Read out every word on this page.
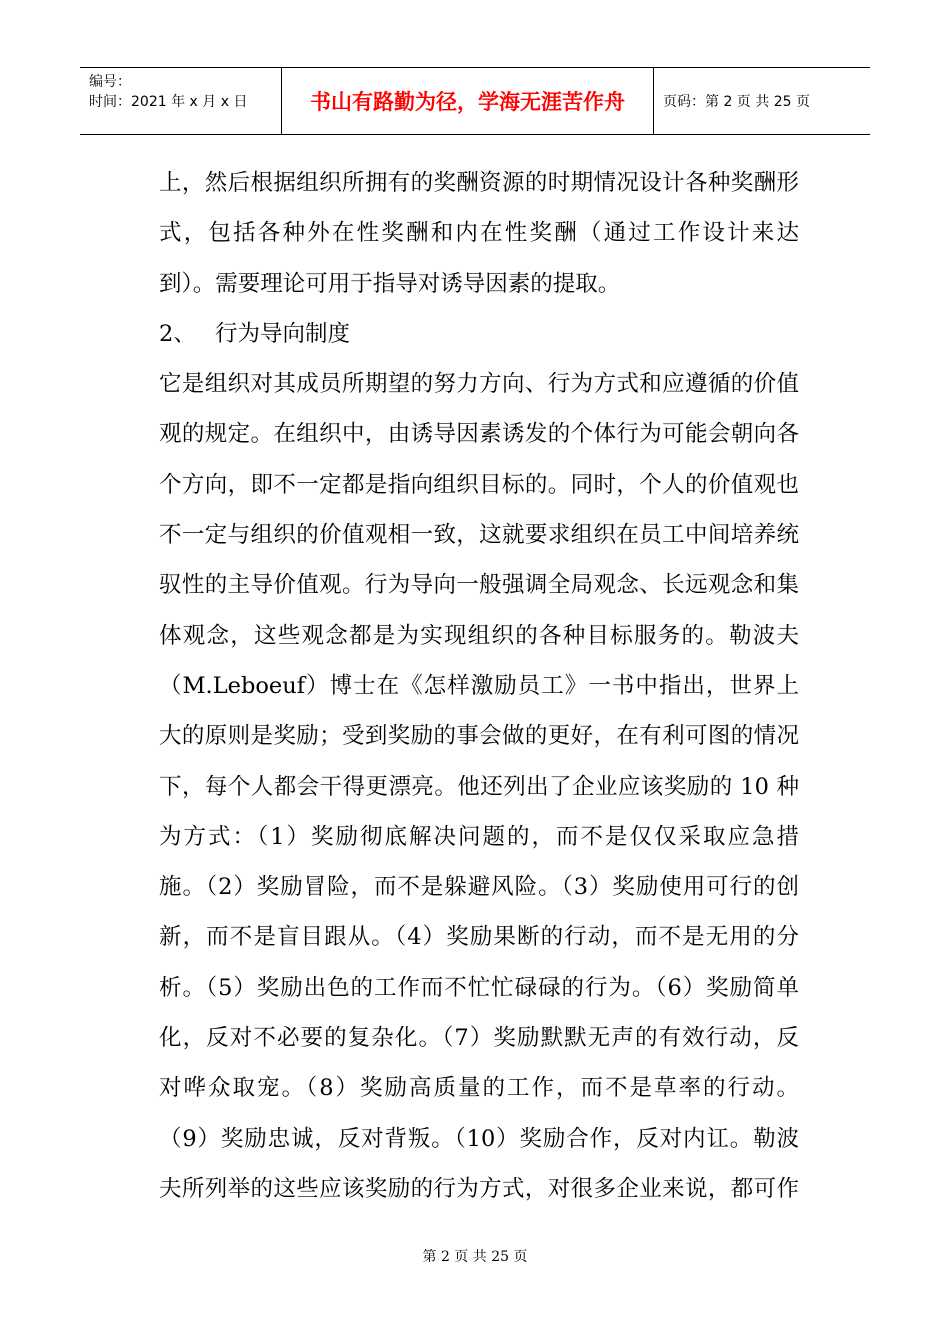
编号：
时间：2021 年 x 月 x 日	书山有路勤为径，学海无涯苦作舟	页码：第 2 页 共 25 页
上，然后根据组织所拥有的奖酬资源的时期情况设计各种奖酬形
式，包括各种外在性奖酬和内在性奖酬（通过工作设计来达
到）。需要理论可用于指导对诱导因素的提取。
2、 行为导向制度
它是组织对其成员所期望的努力方向、行为方式和应遵循的价值
观的规定。在组织中，由诱导因素诱发的个体行为可能会朝向各
个方向，即不一定都是指向组织目标的。同时，个人的价值观也
不一定与组织的价值观相一致，这就要求组织在员工中间培养统
驭性的主导价值观。行为导向一般强调全局观念、长远观念和集
体观念，这些观念都是为实现组织的各种目标服务的。勒波夫
（M.Leboeuf）博士在《怎样激励员工》一书中指出，世界上
大的原则是奖励；受到奖励的事会做的更好，在有利可图的情况
下，每个人都会干得更漂亮。他还列出了企业应该奖励的 10 种
为方式：（1）奖励彻底解决问题的，而不是仅仅采取应急措
施。（2）奖励冒险，而不是躲避风险。（3）奖励使用可行的创
新，而不是盲目跟从。（4）奖励果断的行动，而不是无用的分
析。（5）奖励出色的工作而不忙忙碌碌的行为。（6）奖励简单
化，反对不必要的复杂化。（7）奖励默默无声的有效行动，反
对哗众取宠。（8）奖励高质量的工作，而不是草率的行动。
（9）奖励忠诚，反对背叛。（10）奖励合作，反对内讧。勒波
夫所列举的这些应该奖励的行为方式，对很多企业来说，都可作
第 2 页 共 25 页
